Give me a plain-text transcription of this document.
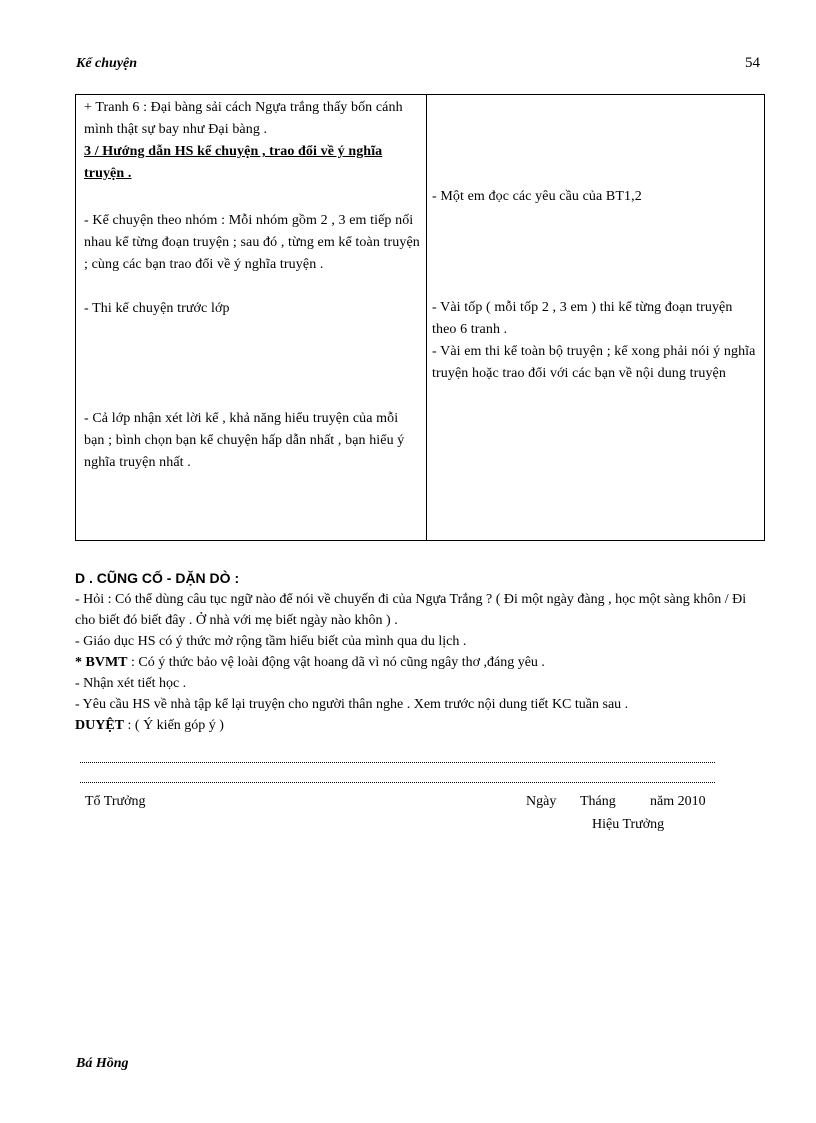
Kể chuyện	54
+ Tranh 6 : Đại bàng sải cách Ngựa trắng thấy bốn cánh mình thật sự bay như Đại bàng .
3 / Hướng dẫn HS kể chuyện , trao đổi về ý nghĩa truyện .
- Kể chuyện theo nhóm : Mỗi nhóm gồm 2 , 3 em tiếp nối nhau kể từng đoạn truyện ; sau đó , từng em kể toàn truyện ; cùng các bạn trao đổi về ý nghĩa truyện .
- Thi kể chuyện trước lớp
- Cả lớp nhận xét lời kể , khả năng hiểu truyện của mỗi bạn ; bình chọn bạn kể chuyện hấp dẫn nhất , bạn hiểu ý nghĩa truyện nhất .
- Một em đọc các yêu cầu của BT1,2
- Vài tốp ( mỗi tốp 2 , 3 em ) thi kể từng đoạn truyện theo 6 tranh .
- Vài em thi kể toàn bộ truyện ; kể xong phải nói ý nghĩa truyện hoặc trao đổi với các bạn về nội dung truyện

D . CŨNG CỐ - DẶN DÒ :

- Hỏi : Có thể dùng câu tục ngữ nào để nói về chuyến đi của Ngựa Trắng ? ( Đi một ngày đàng , học một sàng khôn / Đi cho biết đó biết đây . Ở nhà với mẹ biết ngày nào khôn ) .

- Giáo dục HS có ý thức mở rộng tầm hiểu biết của mình qua du lịch .

* BVMT : Có ý thức bảo vệ loài động vật hoang dã vì nó cũng ngây thơ ,đáng yêu .

- Nhận xét tiết học .

- Yêu cầu HS về nhà tập kể lại truyện cho người thân nghe . Xem trước nội dung tiết KC tuần sau .

DUYỆT : ( Ý kiến góp ý )

Tổ Trưởng	Ngày Tháng năm 2010
Hiệu Trưởng
Bá Hồng
